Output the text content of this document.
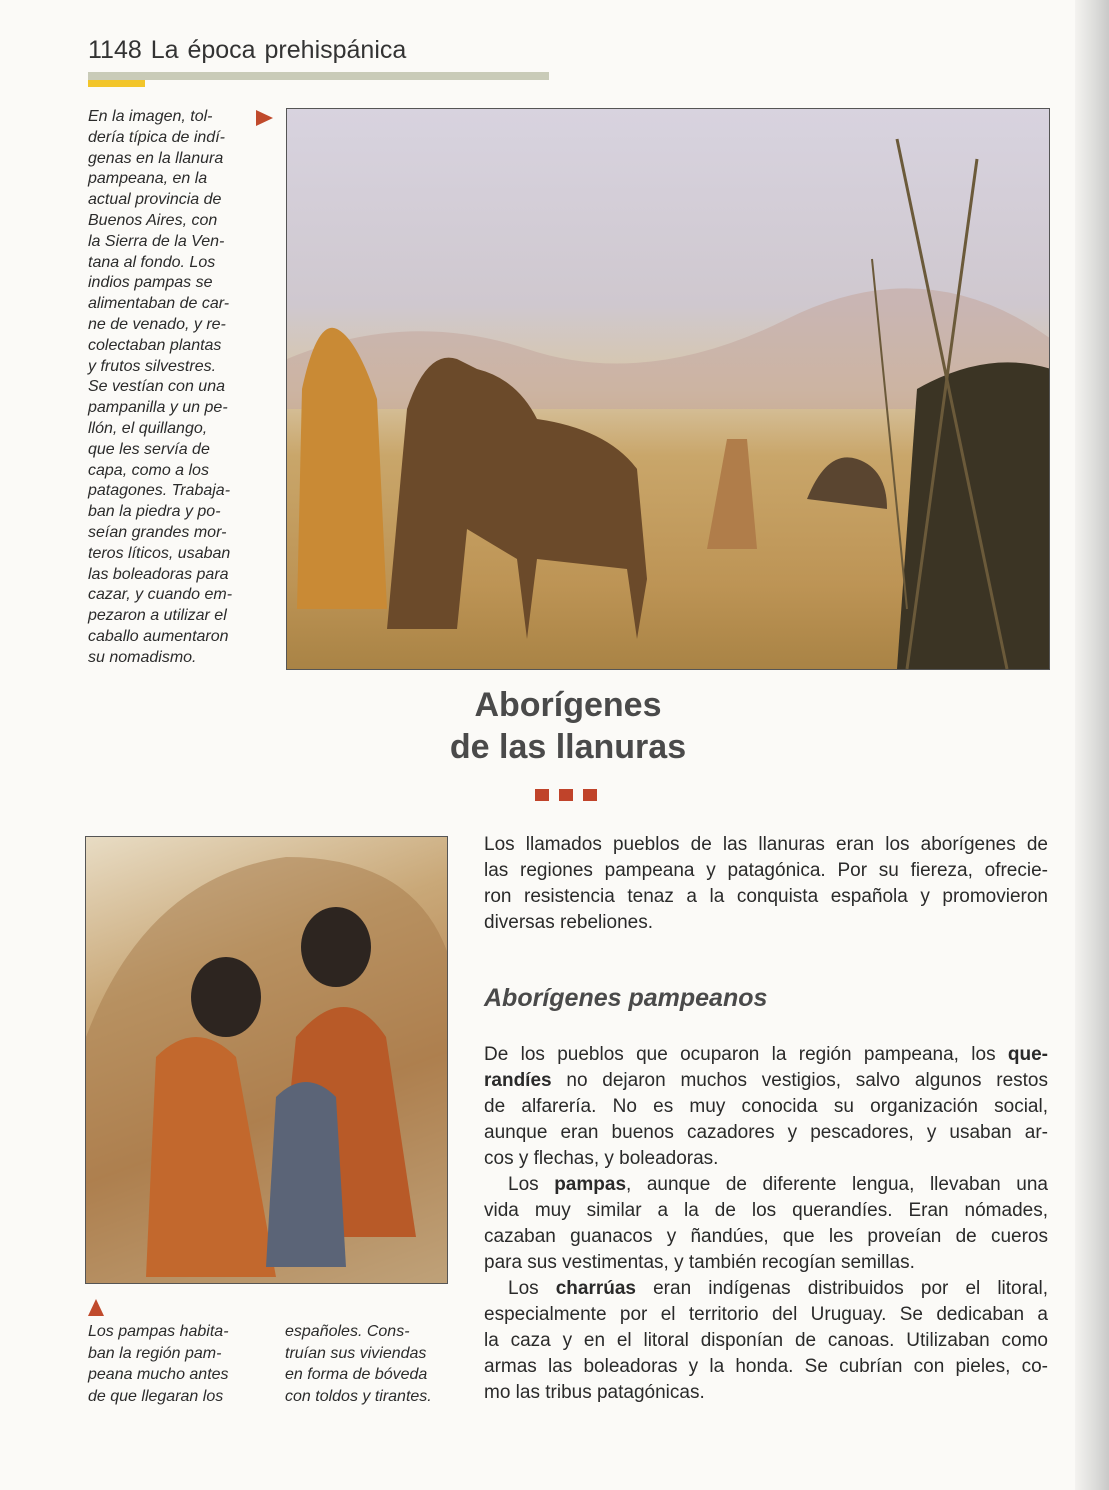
1148 La época prehispánica
En la imagen, tol-
dería típica de indí-
genas en la llanura
pampeana, en la
actual provincia de
Buenos Aires, con
la Sierra de la Ven-
tana al fondo. Los
indios pampas se
alimentaban de car-
ne de venado, y re-
colectaban plantas
y frutos silvestres.
Se vestían con una
pampanilla y un pe-
llón, el quillango,
que les servía de
capa, como a los
patagones. Trabaja-
ban la piedra y po-
seían grandes mor-
teros líticos, usaban
las boleadoras para
cazar, y cuando em-
pezaron a utilizar el
caballo aumentaron
su nomadismo.
Aborígenes
de las llanuras
Los pampas habita-
ban la región pam-
peana mucho antes
de que llegaran los
españoles. Cons-
truían sus viviendas
en forma de bóveda
con toldos y tirantes.
Los llamados pueblos de las llanuras eran los aborígenes de
las regiones pampeana y patagónica. Por su fiereza, ofrecie-
ron resistencia tenaz a la conquista española y promovieron
diversas rebeliones.
Aborígenes pampeanos
De los pueblos que ocuparon la región pampeana, los que-
randíes no dejaron muchos vestigios, salvo algunos restos
de alfarería. No es muy conocida su organización social,
aunque eran buenos cazadores y pescadores, y usaban ar-
cos y flechas, y boleadoras.
Los pampas, aunque de diferente lengua, llevaban una
vida muy similar a la de los querandíes. Eran nómades,
cazaban guanacos y ñandúes, que les proveían de cueros
para sus vestimentas, y también recogían semillas.
Los charrúas eran indígenas distribuidos por el litoral,
especialmente por el territorio del Uruguay. Se dedicaban a
la caza y en el litoral disponían de canoas. Utilizaban como
armas las boleadoras y la honda. Se cubrían con pieles, co-
mo las tribus patagónicas.
